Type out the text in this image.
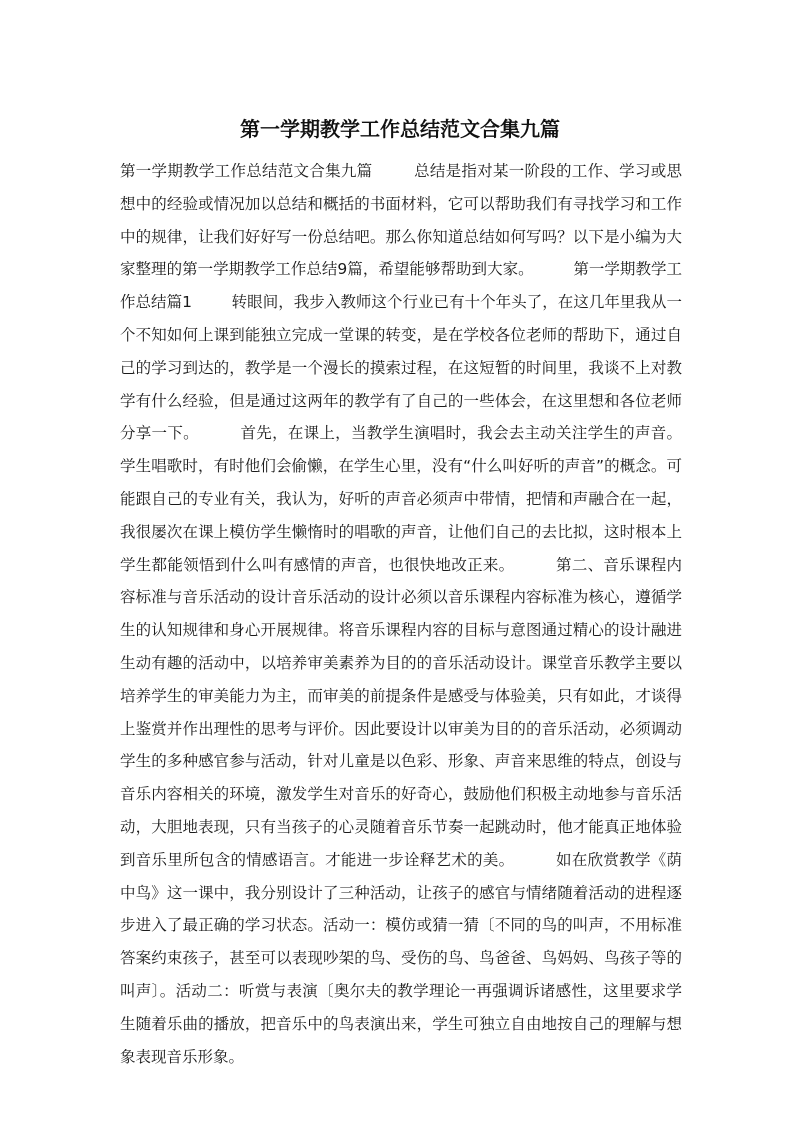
第一学期教学工作总结范文合集九篇

第一学期教学工作总结范文合集九篇        总结是指对某一阶段的工作、学习或思想中的经验或情况加以总结和概括的书面材料，它可以帮助我们有寻找学习和工作中的规律，让我们好好写一份总结吧。那么你知道总结如何写吗？以下是小编为大家整理的第一学期教学工作总结9篇，希望能够帮助到大家。        第一学期教学工作总结篇1        转眼间，我步入教师这个行业已有十个年头了，在这几年里我从一个不知如何上课到能独立完成一堂课的转变，是在学校各位老师的帮助下，通过自己的学习到达的，教学是一个漫长的摸索过程，在这短暂的时间里，我谈不上对教学有什么经验，但是通过这两年的教学有了自己的一些体会，在这里想和各位老师分享一下。        首先，在课上，当教学生演唱时，我会去主动关注学生的声音。学生唱歌时，有时他们会偷懒，在学生心里，没有“什么叫好听的声音”的概念。可能跟自己的专业有关，我认为，好听的声音必须声中带情，把情和声融合在一起，我很屡次在课上模仿学生懒惰时的唱歌的声音，让他们自己的去比拟，这时根本上学生都能领悟到什么叫有感情的声音，也很快地改正来。        第二、音乐课程内容标准与音乐活动的设计音乐活动的设计必须以音乐课程内容标准为核心，遵循学生的认知规律和身心开展规律。将音乐课程内容的目标与意图通过精心的设计融进生动有趣的活动中，以培养审美素养为目的的音乐活动设计。课堂音乐教学主要以培养学生的审美能力为主，而审美的前提条件是感受与体验美，只有如此，才谈得上鉴赏并作出理性的思考与评价。因此要设计以审美为目的的音乐活动，必须调动学生的多种感官参与活动，针对儿童是以色彩、形象、声音来思维的特点，创设与音乐内容相关的环境，激发学生对音乐的好奇心，鼓励他们积极主动地参与音乐活动，大胆地表现，只有当孩子的心灵随着音乐节奏一起跳动时，他才能真正地体验到音乐里所包含的情感语言。才能进一步诠释艺术的美。        如在欣赏教学《荫中鸟》这一课中，我分别设计了三种活动，让孩子的感官与情绪随着活动的进程逐步进入了最正确的学习状态。活动一：模仿或猜一猜〔不同的鸟的叫声，不用标准答案约束孩子，甚至可以表现吵架的鸟、受伤的鸟、鸟爸爸、鸟妈妈、鸟孩子等的叫声〕。活动二：听赏与表演〔奥尔夫的教学理论一再强调诉诸感性，这里要求学生随着乐曲的播放，把音乐中的鸟表演出来，学生可独立自由地按自己的理解与想象表现音乐形象。
